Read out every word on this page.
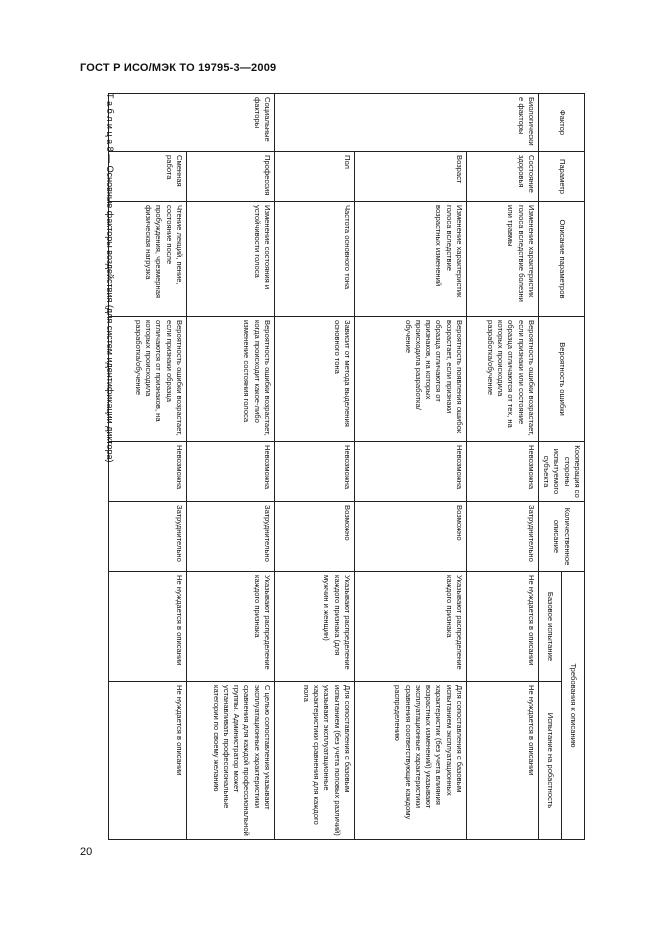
ГОСТ Р ИСО/МЭК ТО 19795-3—2009
Фактор	Параметр	Описание параметров	Вероятность ошибки	Кооперация со стороны испытуемого субъекта	Количественное описание	Требования к описанию	
						Базовое испытание	Испытание на робастность
Биологические факторы	Состояние здоровья	Изменение характеристик голоса вследствие болезни или травмы	Вероятность ошибки возрастает, если признаки или состояние образца отличаются от тех, на которых происходила разработка/обучение	Невозможна	Затруднительно	Не нуждается в описании	Не нуждается в описании
	Возраст	Изменение характеристик голоса вследствие возрастных изменений	Вероятность появления ошибок возрастает, если признаки образца отличаются от признаков, на которых происходила разработка/обучение	Невозможна	Возможно	Указывают распределение каждого признака	Для сопоставления с базовым испытанием эксплуатационных характеристик (без учета влияния возрастных изменений) указывают эксплуатационные характеристики сравнения соответствующие каждому распределению
	Пол	Частота основного тона	Зависит от метода выделения основного тона	Невозможна	Возможно	Указывают распределение каждого признака (для мужчин и женщин)	Для сопоставления с базовым испытанием (без учета половых различий) указывают эксплуатационные характеристики сравнения для каждого пола
Социальные факторы	Профессия	Изменение состояния и устойчивости голоса	Вероятность ошибки возрастает, когда происходит какое-либо изменение состояния голоса	Невозможна	Затруднительно	Указывают распределение каждого признака	С целью сопоставления указывают эксплуатационные характеристики сравнения для каждой профессиональной группы. Администратор может устанавливать профессиональные категории по своему желанию
	Сменная работа	Чтение лекций, пение, состояние после пробуждения, чрезмерная физическая нагрузка	Вероятность ошибки возрастает, если признаки образца отличаются от признаков, на которых происходила разработка/обучение	Невозможна	Затруднительно	Не нуждается в описании	Не нуждается в описании
Т а б л и ц а 8 — Основные факторы воздействия (для систем идентификации диктора)
20
